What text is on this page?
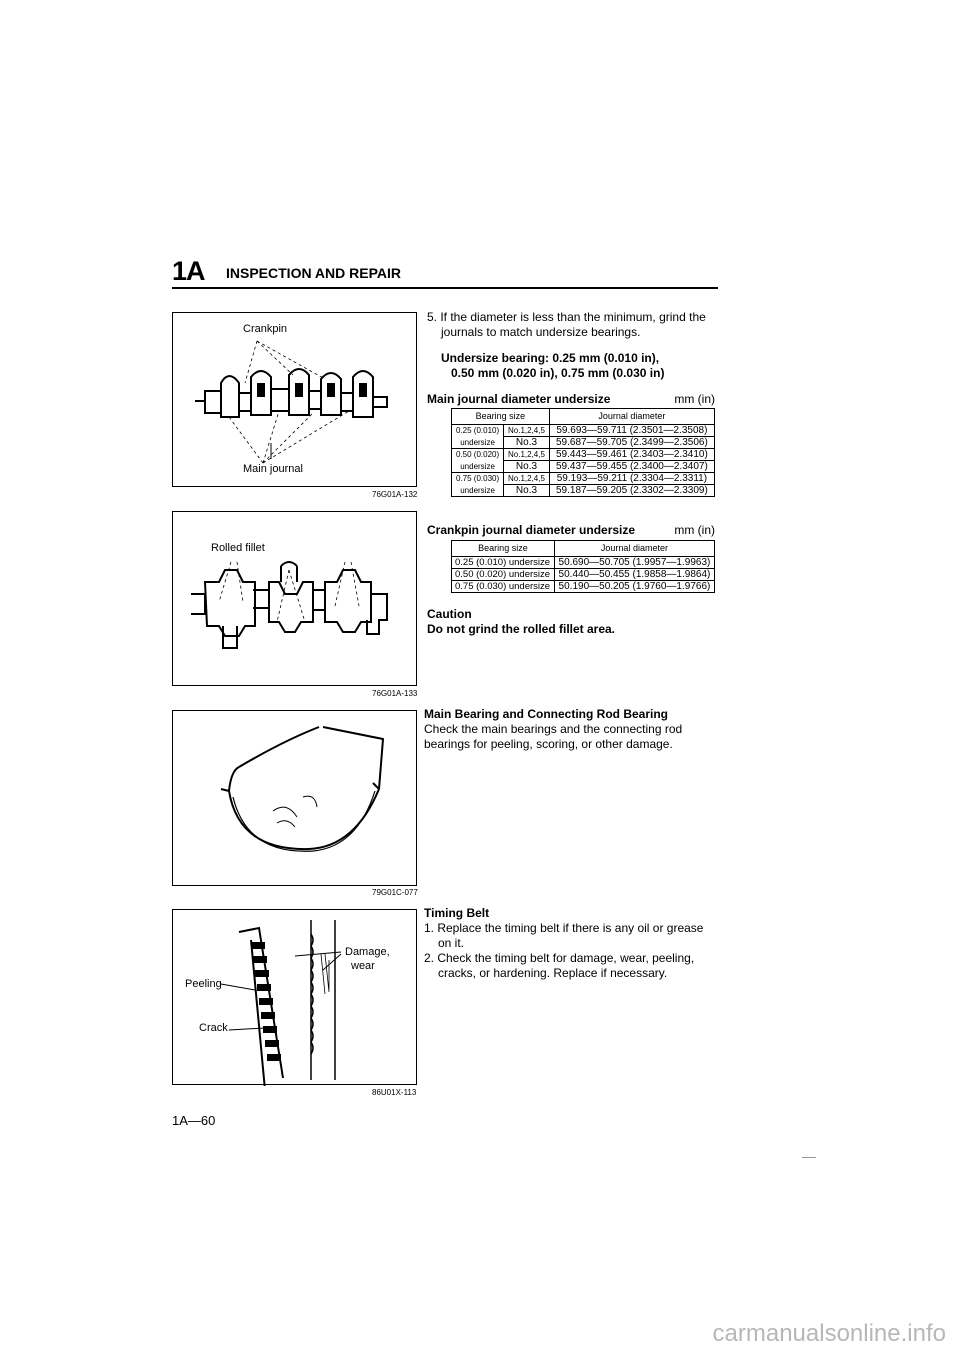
1A INSPECTION AND REPAIR
Crankpin
Main journal
76G01A-132
Rolled fillet
76G01A-133
79G01C-077
Damage,
wear
Peeling
Crack
86U01X-113
5. If the diameter is less than the minimum, grind the
journals to match undersize bearings.
Undersize bearing: 0.25 mm (0.010 in),
0.50 mm (0.020 in), 0.75 mm (0.030 in)
Main journal diameter undersize	mm (in)
Bearing size		Journal diameter
0.25 (0.010)	No.1,2,4,5	59.693—59.711 (2.3501—2.3508)
undersize	No.3	59.687—59.705 (2.3499—2.3506)
0.50 (0.020)	No.1,2,4,5	59.443—59.461 (2.3403—2.3410)
undersize	No.3	59.437—59.455 (2.3400—2.3407)
0.75 (0.030)	No.1,2,4,5	59.193—59.211 (2.3304—2.3311)
undersize	No.3	59.187—59.205 (2.3302—2.3309)
Crankpin journal diameter undersize	mm (in)
Bearing size	Journal diameter
0.25 (0.010) undersize	50.690—50.705 (1.9957—1.9963)
0.50 (0.020) undersize	50.440—50.455 (1.9858—1.9864)
0.75 (0.030) undersize	50.190—50.205 (1.9760—1.9766)
Caution
Do not grind the rolled fillet area.
Main Bearing and Connecting Rod Bearing
Check the main bearings and the connecting rod
bearings for peeling, scoring, or other damage.
Timing Belt
1. Replace the timing belt if there is any oil or grease
on it.
2. Check the timing belt for damage, wear, peeling,
cracks, or hardening. Replace if necessary.
1A—60
carmanualsonline.info
